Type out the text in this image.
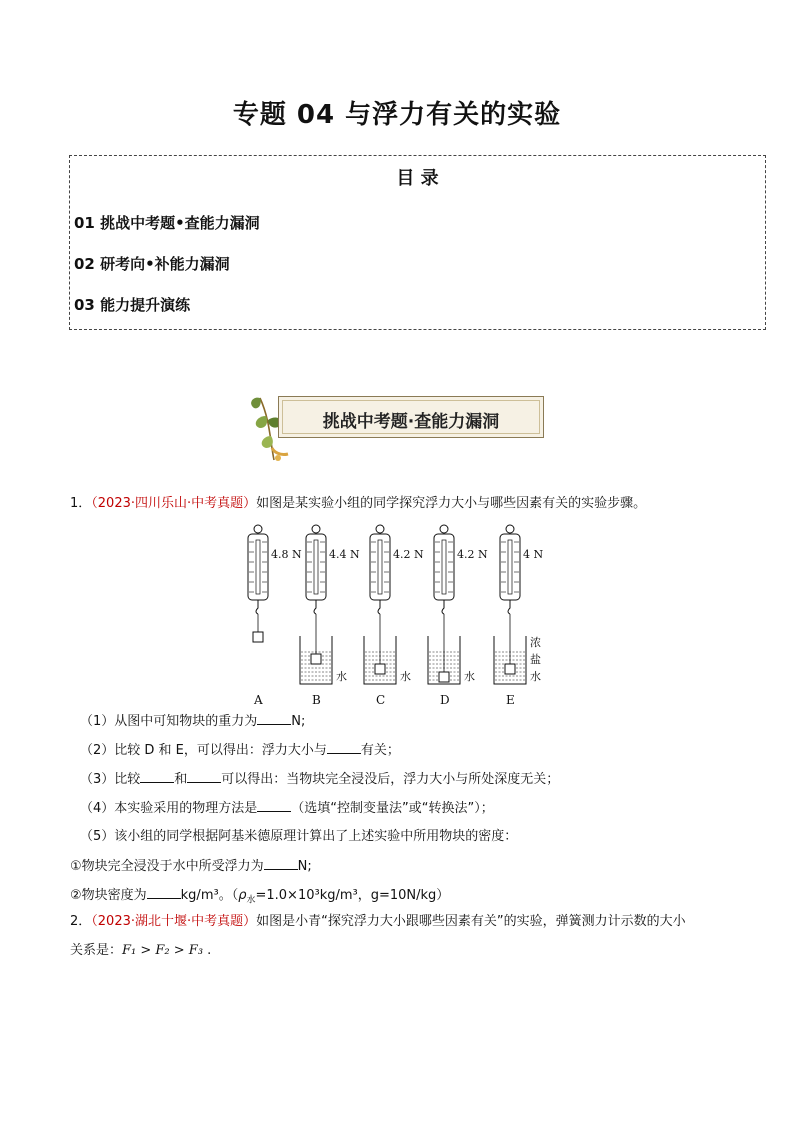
专题 04 与浮力有关的实验
目 录
01 挑战中考题•查能力漏洞
02 研考向•补能力漏洞
03 能力提升演练
挑战中考题·查能力漏洞
1．（2023·四川乐山·中考真题）如图是某实验小组的同学探究浮力大小与哪些因素有关的实验步骤。
4.8 N
A
4.4 N
B
4.2 N
C
4.2 N
D
4 N
E
水	水	水
浓
盐
水
（1）从图中可知物块的重力为	N;
（2）比较 D 和 E，可以得出：浮力大小与	有关；
（3）比较	和	可以得出：当物块完全浸没后，浮力大小与所处深度无关；
（4）本实验采用的物理方法是	（选填“控制变量法”或“转换法”）；
（5）该小组的同学根据阿基米德原理计算出了上述实验中所用物块的密度：
①物块完全浸没于水中所受浮力为	N;
②物块密度为	kg/m³。（$\rho_水=1.0\times 10^3kg/m^3$，g=10N/kg）
2．（2023·湖北十堰·中考真题）如图是小青“探究浮力大小跟哪些因素有关”的实验，弹簧测力计示数的大小
关系是：F₁ > F₂ > F₃ .
